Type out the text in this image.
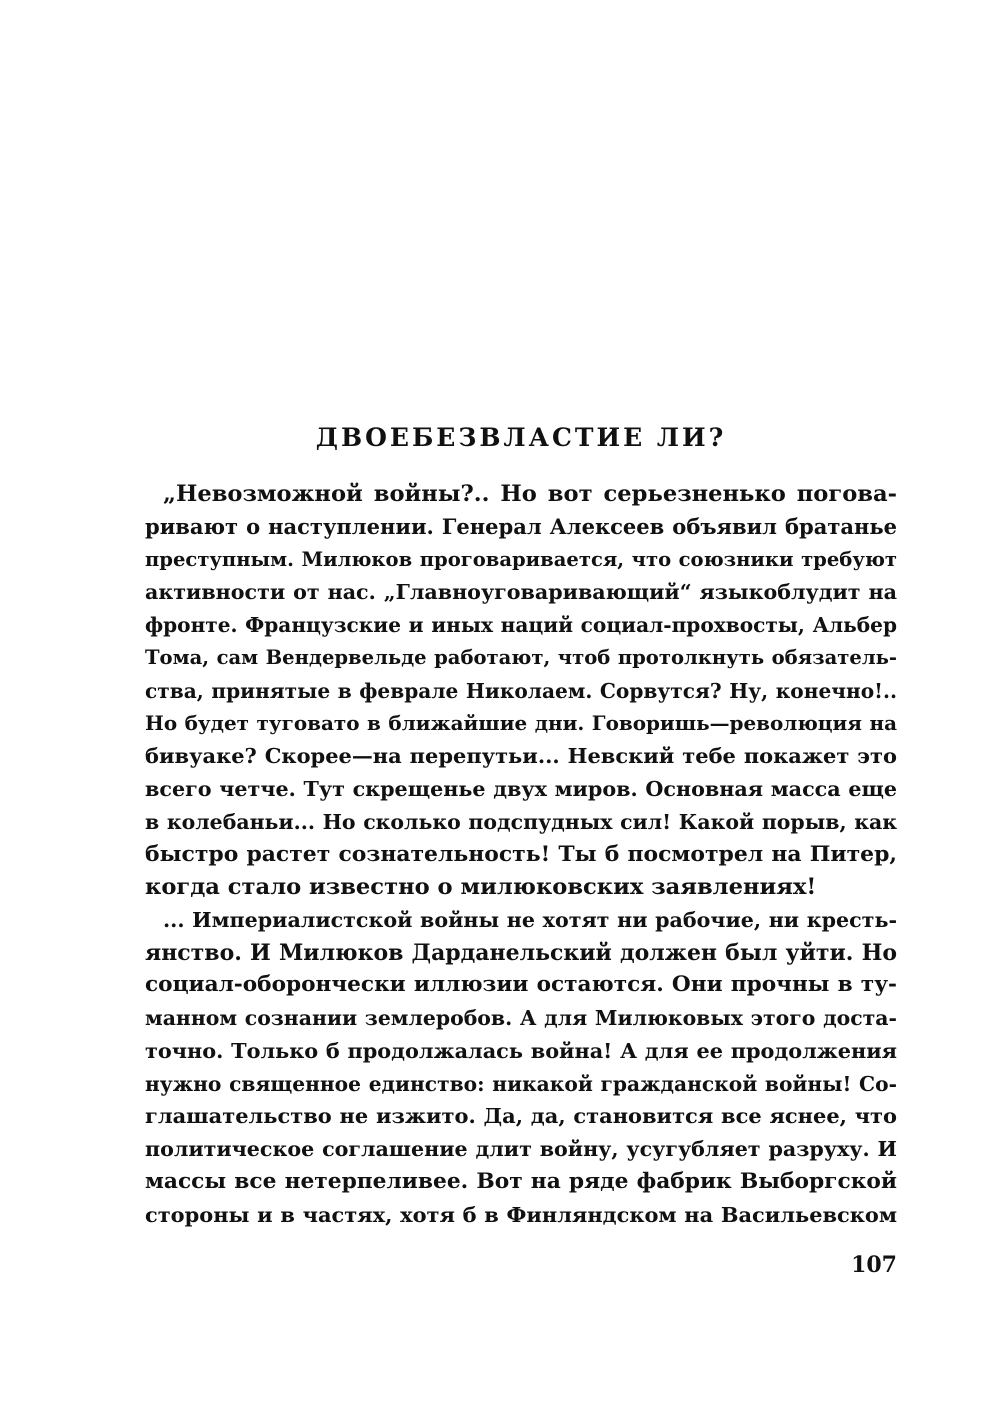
ДВОЕБЕЗВЛАСТИЕ ЛИ?
„Невозможной войны?.. Но вот серьезненько погова-
ривают о наступлении. Генерал Алексеев объявил братанье
преступным. Милюков проговаривается, что союзники требуют
активности от нас. „Главноуговаривающий“ языкоблудит на
фронте. Французские и иных наций социал-прохвосты, Альбер
Тома, сам Вендервельде работают, чтоб протолкнуть обязатель-
ства, принятые в феврале Николаем. Сорвутся? Ну, конечно!..
Но будет туговато в ближайшие дни. Говоришь—революция на
бивуаке? Скорее—на перепутьи... Невский тебе покажет это
всего четче. Тут скрещенье двух миров. Основная масса еще
в колебаньи... Но сколько подспудных сил! Какой порыв, как
быстро растет сознательность! Ты б посмотрел на Питер,
когда стало известно о милюковских заявлениях!
... Империалистской войны не хотят ни рабочие, ни кресть-
янство. И Милюков Дарданельский должен был уйти. Но
социал-оборончески иллюзии остаются. Они прочны в ту-
манном сознании землеробов. А для Милюковых этого доста-
точно. Только б продолжалась война! А для ее продолжения
нужно священное единство: никакой гражданской войны! Со-
глашательство не изжито. Да, да, становится все яснее, что
политическое соглашение длит войну, усугубляет разруху. И
массы все нетерпеливее. Вот на ряде фабрик Выборгской
стороны и в частях, хотя б в Финляндском на Васильевском
107
